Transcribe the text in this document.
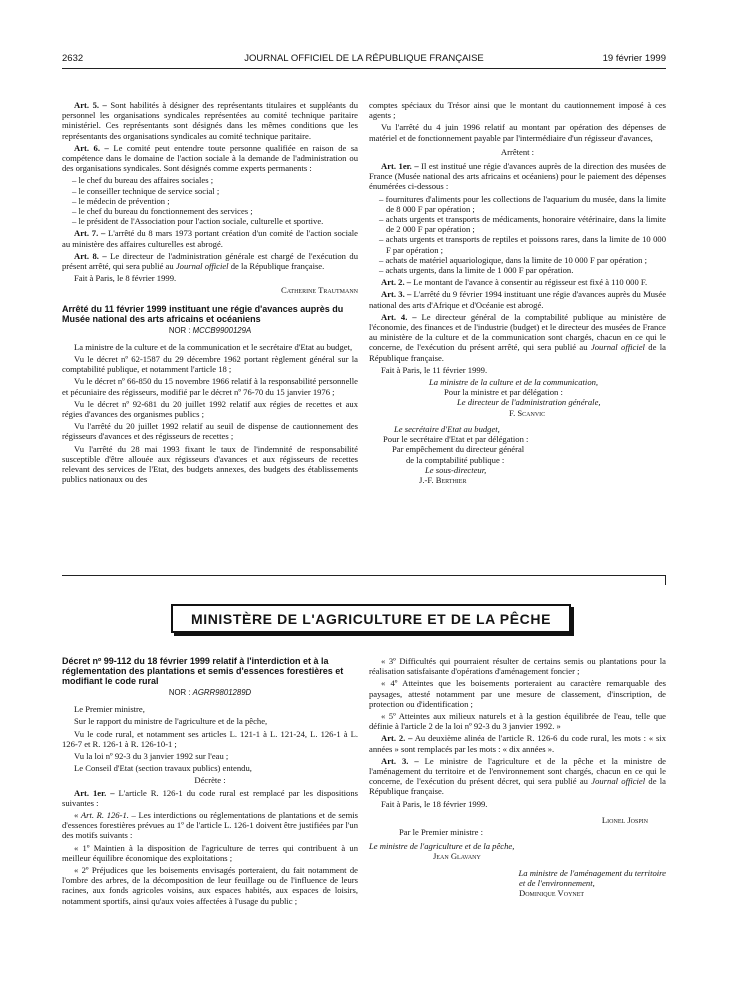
2632	JOURNAL OFFICIEL DE LA RÉPUBLIQUE FRANÇAISE	19 février 1999

Art. 5. – Sont habilités à désigner des représentants titulaires et suppléants du personnel les organisations syndicales représentées au comité technique paritaire ministériel. Ces représentants sont désignés dans les mêmes conditions que les représentants des organisations syndicales au comité technique paritaire.

Art. 6. – Le comité peut entendre toute personne qualifiée en raison de sa compétence dans le domaine de l'action sociale à la demande de l'administration ou des organisations syndicales. Sont désignés comme experts permanents :

– le chef du bureau des affaires sociales ;
– le conseiller technique de service social ;
– le médecin de prévention ;
– le chef du bureau du fonctionnement des services ;
– le président de l'Association pour l'action sociale, culturelle et sportive.

Art. 7. – L'arrêté du 8 mars 1973 portant création d'un comité de l'action sociale au ministère des affaires culturelles est abrogé.

Art. 8. – Le directeur de l'administration générale est chargé de l'exécution du présent arrêté, qui sera publié au Journal officiel de la République française.

Fait à Paris, le 8 février 1999.

Catherine Trautmann

Arrêté du 11 février 1999 instituant une régie d'avances auprès du Musée national des arts africains et océaniens

NOR : MCCB9900129A

La ministre de la culture et de la communication et le secrétaire d'Etat au budget,

Vu le décret nº 62-1587 du 29 décembre 1962 portant règlement général sur la comptabilité publique, et notamment l'article 18 ;

Vu le décret nº 66-850 du 15 novembre 1966 relatif à la responsabilité personnelle et pécuniaire des régisseurs, modifié par le décret nº 76-70 du 15 janvier 1976 ;

Vu le décret nº 92-681 du 20 juillet 1992 relatif aux régies de recettes et aux régies d'avances des organismes publics ;

Vu l'arrêté du 20 juillet 1992 relatif au seuil de dispense de cautionnement des régisseurs d'avances et des régisseurs de recettes ;

Vu l'arrêté du 28 mai 1993 fixant le taux de l'indemnité de responsabilité susceptible d'être allouée aux régisseurs d'avances et aux régisseurs de recettes relevant des services de l'Etat, des budgets annexes, des budgets des établissements publics nationaux ou des

comptes spéciaux du Trésor ainsi que le montant du cautionnement imposé à ces agents ;

Vu l'arrêté du 4 juin 1996 relatif au montant par opération des dépenses de matériel et de fonctionnement payable par l'intermédiaire d'un régisseur d'avances,

Arrêtent :

Art. 1er. – Il est institué une régie d'avances auprès de la direction des musées de France (Musée national des arts africains et océaniens) pour le paiement des dépenses énumérées ci-dessous :

– fournitures d'aliments pour les collections de l'aquarium du musée, dans la limite de 8 000 F par opération ;
– achats urgents et transports de médicaments, honoraire vétérinaire, dans la limite de 2 000 F par opération ;
– achats urgents et transports de reptiles et poissons rares, dans la limite de 10 000 F par opération ;
– achats de matériel aquariologique, dans la limite de 10 000 F par opération ;
– achats urgents, dans la limite de 1 000 F par opération.

Art. 2. – Le montant de l'avance à consentir au régisseur est fixé à 110 000 F.

Art. 3. – L'arrêté du 9 février 1994 instituant une régie d'avances auprès du Musée national des arts d'Afrique et d'Océanie est abrogé.

Art. 4. – Le directeur général de la comptabilité publique au ministère de l'économie, des finances et de l'industrie (budget) et le directeur des musées de France au ministère de la culture et de la communication sont chargés, chacun en ce qui le concerne, de l'exécution du présent arrêté, qui sera publié au Journal officiel de la République française.

Fait à Paris, le 11 février 1999.

La ministre de la culture et de la communication,

Pour la ministre et par délégation :

Le directeur de l'administration générale,

F. Scanvic

Le secrétaire d'Etat au budget,

Pour le secrétaire d'Etat et par délégation :

Par empêchement du directeur général

de la comptabilité publique :

Le sous-directeur,

J.-F. Berthier

MINISTÈRE DE L'AGRICULTURE ET DE LA PÊCHE

Décret nº 99-112 du 18 février 1999 relatif à l'interdiction et à la réglementation des plantations et semis d'essences forestières et modifiant le code rural

NOR : AGRR9801289D

Le Premier ministre,

Sur le rapport du ministre de l'agriculture et de la pêche,

Vu le code rural, et notamment ses articles L. 121-1 à L. 121-24, L. 126-1 à L. 126-7 et R. 126-1 à R. 126-10-1 ;

Vu la loi nº 92-3 du 3 janvier 1992 sur l'eau ;

Le Conseil d'Etat (section travaux publics) entendu,

Décrète :

Art. 1er. – L'article R. 126-1 du code rural est remplacé par les dispositions suivantes :

« Art. R. 126-1. – Les interdictions ou réglementations de plantations et de semis d'essences forestières prévues au 1º de l'article L. 126-1 doivent être justifiées par l'un des motifs suivants :

« 1º Maintien à la disposition de l'agriculture de terres qui contribuent à un meilleur équilibre économique des exploitations ;

« 2º Préjudices que les boisements envisagés porteraient, du fait notamment de l'ombre des arbres, de la décomposition de leur feuillage ou de l'influence de leurs racines, aux fonds agricoles voisins, aux espaces habités, aux espaces de loisirs, notamment sportifs, ainsi qu'aux voies affectées à l'usage du public ;

« 3º Difficultés qui pourraient résulter de certains semis ou plantations pour la réalisation satisfaisante d'opérations d'aménagement foncier ;

« 4º Atteintes que les boisements porteraient au caractère remarquable des paysages, attesté notamment par une mesure de classement, d'inscription, de protection ou d'identification ;

« 5º Atteintes aux milieux naturels et à la gestion équilibrée de l'eau, telle que définie à l'article 2 de la loi nº 92-3 du 3 janvier 1992. »

Art. 2. – Au deuxième alinéa de l'article R. 126-6 du code rural, les mots : « six années » sont remplacés par les mots : « dix années ».

Art. 3. – Le ministre de l'agriculture et de la pêche et la ministre de l'aménagement du territoire et de l'environnement sont chargés, chacun en ce qui le concerne, de l'exécution du présent décret, qui sera publié au Journal officiel de la République française.

Fait à Paris, le 18 février 1999.

Lionel Jospin

Par le Premier ministre :

Le ministre de l'agriculture et de la pêche,

Jean Glavany

La ministre de l'aménagement du territoire

et de l'environnement,

Dominique Voynet
